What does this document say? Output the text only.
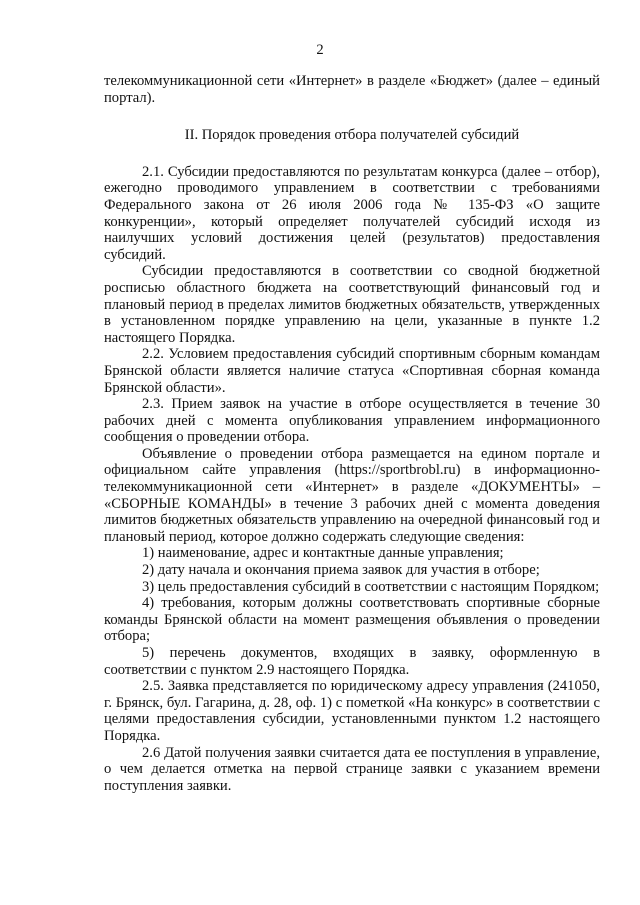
2

телекоммуникационной сети «Интернет» в разделе «Бюджет» (далее – единый портал).

II. Порядок проведения отбора получателей субсидий

2.1. Субсидии предоставляются по результатам конкурса (далее – отбор), ежегодно проводимого управлением в соответствии с требованиями Федерального закона от 26 июля 2006 года № 135-ФЗ «О защите конкуренции», который определяет получателей субсидий исходя из наилучших условий достижения целей (результатов) предоставления субсидий.

Субсидии предоставляются в соответствии со сводной бюджетной росписью областного бюджета на соответствующий финансовый год и плановый период в пределах лимитов бюджетных обязательств, утвержденных в установленном порядке управлению на цели, указанные в пункте 1.2 настоящего Порядка.

2.2. Условием предоставления субсидий спортивным сборным командам Брянской области является наличие статуса «Спортивная сборная команда Брянской области».

2.3. Прием заявок на участие в отборе осуществляется в течение 30 рабочих дней с момента опубликования управлением информационного сообщения о проведении отбора.

Объявление о проведении отбора размещается на едином портале и официальном сайте управления (https://sportbrobl.ru) в информационно-телекоммуникационной сети «Интернет» в разделе «ДОКУМЕНТЫ» – «СБОРНЫЕ КОМАНДЫ» в течение 3 рабочих дней с момента доведения лимитов бюджетных обязательств управлению на очередной финансовый год и плановый период, которое должно содержать следующие сведения:

1) наименование, адрес и контактные данные управления;

2) дату начала и окончания приема заявок для участия в отборе;

3) цель предоставления субсидий в соответствии с настоящим Порядком;

4) требования, которым должны соответствовать спортивные сборные команды Брянской области на момент размещения объявления о проведении отбора;

5) перечень документов, входящих в заявку, оформленную в соответствии с пунктом 2.9 настоящего Порядка.

2.5. Заявка представляется по юридическому адресу управления (241050, г. Брянск, бул. Гагарина, д. 28, оф. 1) с пометкой «На конкурс» в соответствии с целями предоставления субсидии, установленными пунктом 1.2 настоящего Порядка.

2.6 Датой получения заявки считается дата ее поступления в управление, о чем делается отметка на первой странице заявки с указанием времени поступления заявки.
